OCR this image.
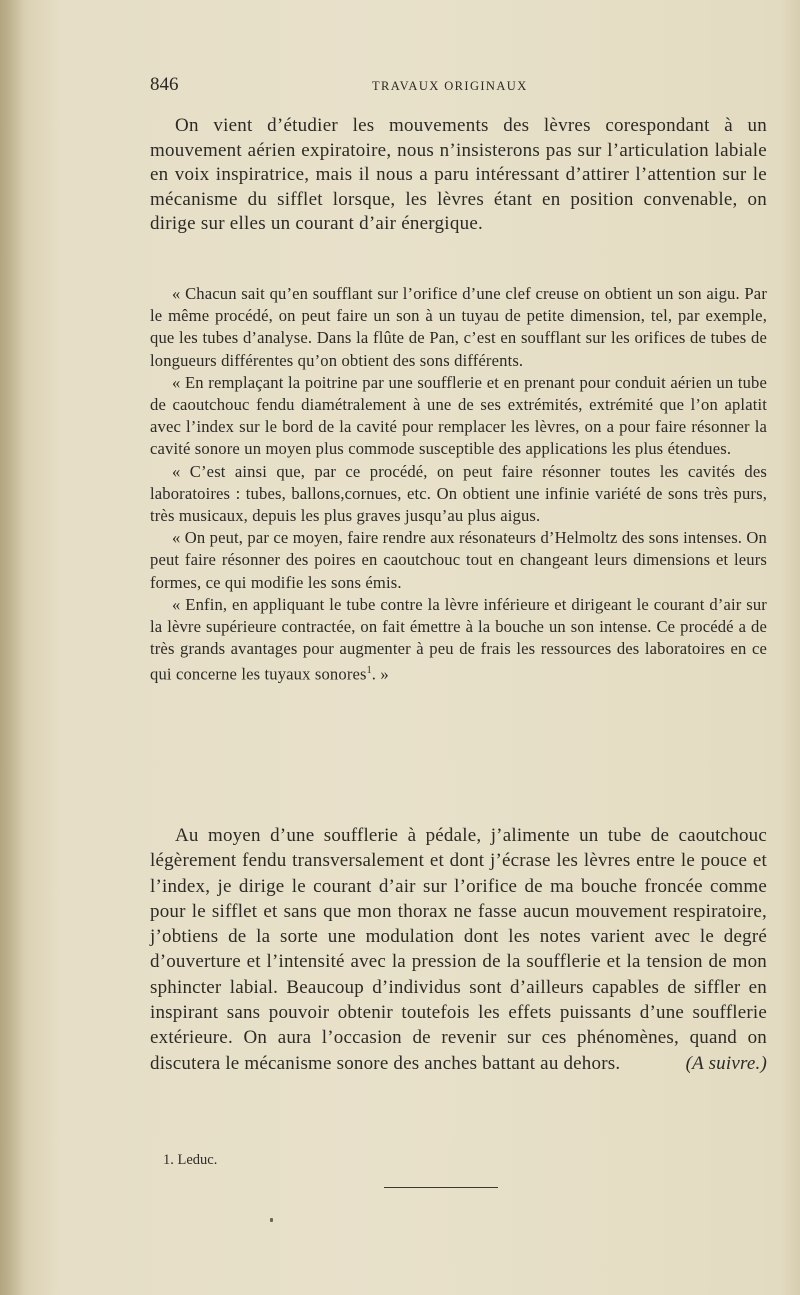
846	TRAVAUX ORIGINAUX

On vient d’étudier les mouvements des lèvres corespondant à un mouvement aérien expiratoire, nous n’insisterons pas sur l’articulation labiale en voix inspiratrice, mais il nous a paru intéressant d’attirer l’attention sur le mécanisme du sifflet lorsque, les lèvres étant en position convenable, on dirige sur elles un courant d’air énergique.

« Chacun sait qu’en soufflant sur l’orifice d’une clef creuse on obtient un son aigu. Par le même procédé, on peut faire un son à un tuyau de petite dimension, tel, par exemple, que les tubes d’analyse. Dans la flûte de Pan, c’est en soufflant sur les orifices de tubes de longueurs différentes qu’on obtient des sons différents.

« En remplaçant la poitrine par une soufflerie et en prenant pour conduit aérien un tube de caoutchouc fendu diamétralement à une de ses extrémités, extrémité que l’on aplatit avec l’index sur le bord de la cavité pour remplacer les lèvres, on a pour faire résonner la cavité sonore un moyen plus commode susceptible des applications les plus étendues.

« C’est ainsi que, par ce procédé, on peut faire résonner toutes les cavités des laboratoires : tubes, ballons,cornues, etc. On obtient une infinie variété de sons très purs, très musicaux, depuis les plus graves jusqu’au plus aigus.

« On peut, par ce moyen, faire rendre aux résonateurs d’Helmoltz des sons intenses. On peut faire résonner des poires en caoutchouc tout en changeant leurs dimensions et leurs formes, ce qui modifie les sons émis.

« Enfin, en appliquant le tube contre la lèvre inférieure et dirigeant le courant d’air sur la lèvre supérieure contractée, on fait émettre à la bouche un son intense. Ce procédé a de très grands avantages pour augmenter à peu de frais les ressources des laboratoires en ce qui concerne les tuyaux sonores$^1$. »

Au moyen d’une soufflerie à pédale, j’alimente un tube de caoutchouc légèrement fendu transversalement et dont j’écrase les lèvres entre le pouce et l’index, je dirige le courant d’air sur l’orifice de ma bouche froncée comme pour le sifflet et sans que mon thorax ne fasse aucun mouvement respiratoire, j’obtiens de la sorte une modulation dont les notes varient avec le degré d’ouverture et l’intensité avec la pression de la soufflerie et la tension de mon sphincter labial. Beaucoup d’individus sont d’ailleurs capables de siffler en inspirant sans pouvoir obtenir toutefois les effets puissants d’une soufflerie extérieure. On aura l’occasion de revenir sur ces phénomènes, quand on discutera le mécanisme sonore des anches battant au dehors.	(A suivre.)

1. Leduc.
